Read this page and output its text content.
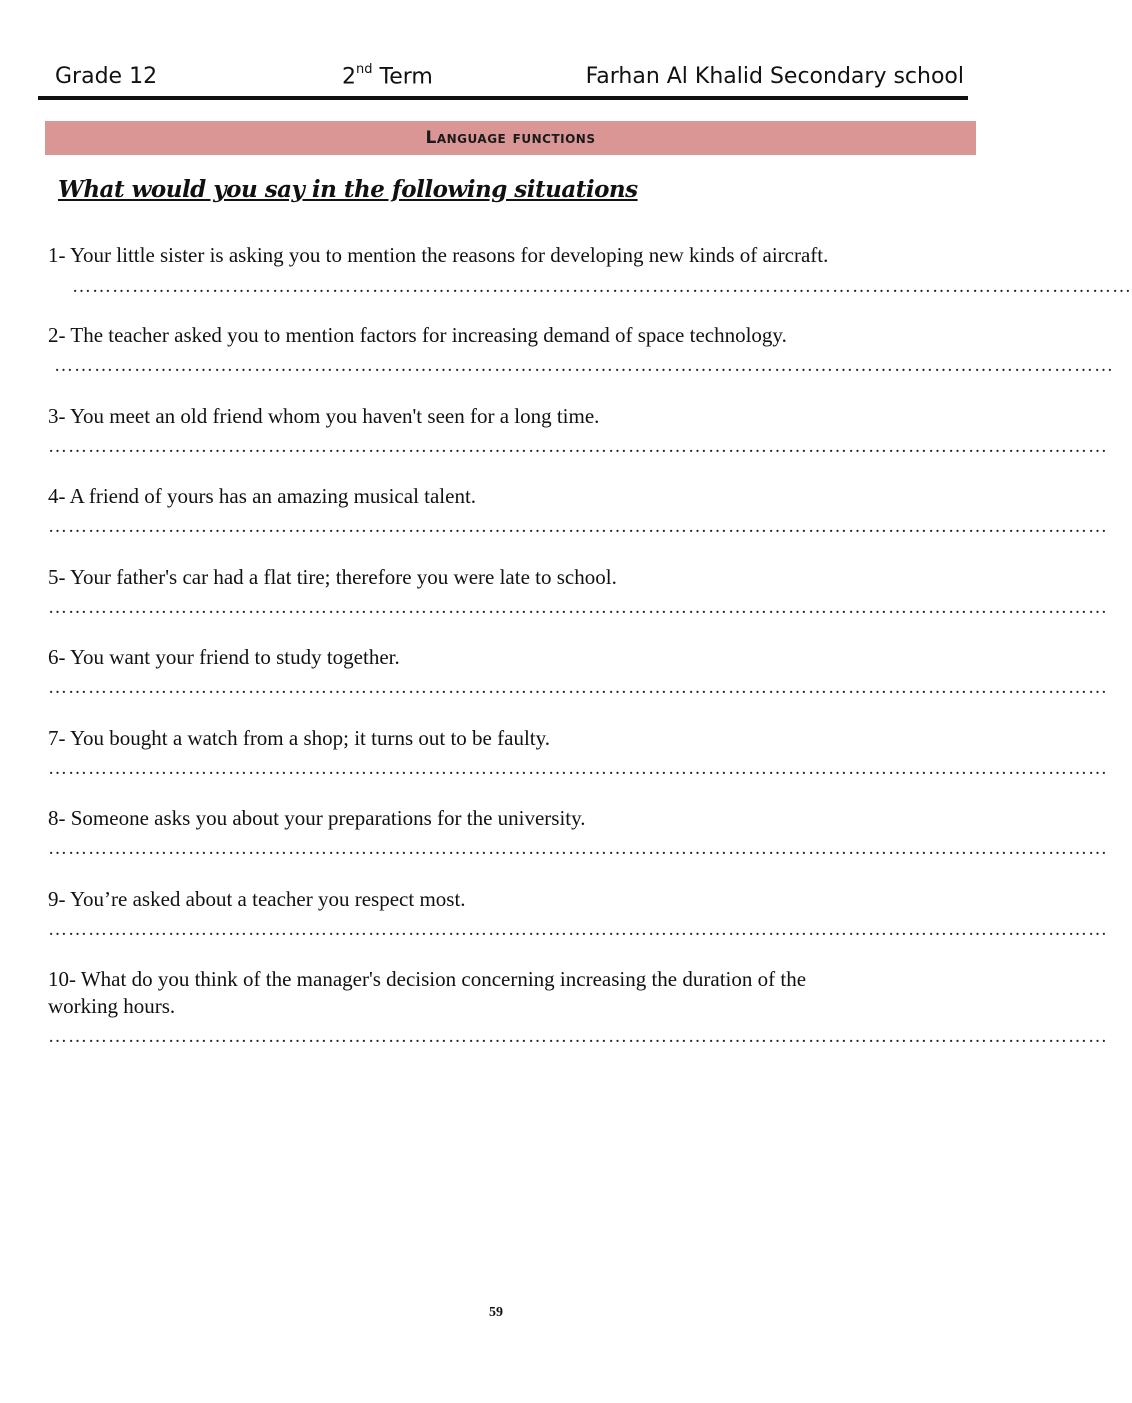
Grade 12	2nd Term	Farhan Al Khalid Secondary school
Language functions
What would you say in the following situations
1- Your little sister is asking you to mention the reasons for developing new kinds of aircraft.
……………………………………………………………………………………………………………………………………………
2- The teacher asked you to mention factors for increasing demand of space technology.
……………………………………………………………………………………………………………………………………………
3- You meet an old friend whom you haven't seen for a long time.
……………………………………………………………………………………………………………………………………………
4- A friend of yours has an amazing musical talent.
……………………………………………………………………………………………………………………………………………
5- Your father's car had a flat tire; therefore you were late to school.
……………………………………………………………………………………………………………………………………………
6- You want your friend to study together.
……………………………………………………………………………………………………………………………………………
7- You bought a watch from a shop; it turns out to be faulty.
……………………………………………………………………………………………………………………………………………
8- Someone asks you about your preparations for the university.
……………………………………………………………………………………………………………………………………………
9- You’re asked about a teacher you respect most.
……………………………………………………………………………………………………………………………………………
10- What do you think of the manager's decision concerning increasing the duration of the working hours.
……………………………………………………………………………………………………………………………………………
59
